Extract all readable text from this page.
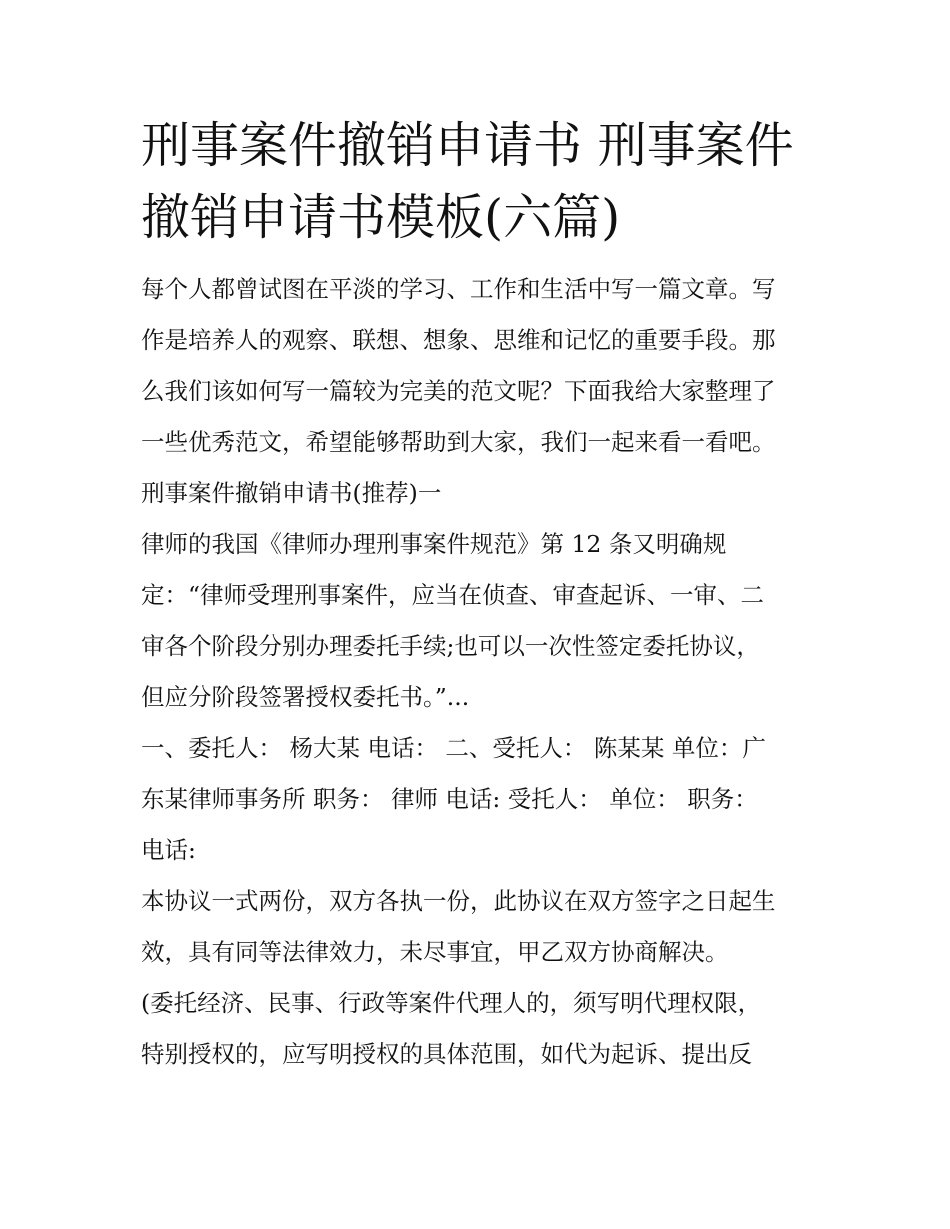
刑事案件撤销申请书 刑事案件
撤销申请书模板(六篇)
每个人都曾试图在平淡的学习、工作和生活中写一篇文章。写
作是培养人的观察、联想、想象、思维和记忆的重要手段。那
么我们该如何写一篇较为完美的范文呢？下面我给大家整理了
一些优秀范文，希望能够帮助到大家，我们一起来看一看吧。
刑事案件撤销申请书(推荐)一
律师的我国《律师办理刑事案件规范》第 12 条又明确规
定：“律师受理刑事案件，应当在侦查、审查起诉、一审、二
审各个阶段分别办理委托手续;也可以一次性签定委托协议，
但应分阶段签署授权委托书。”...
一、委托人： 杨大某 电话： 二、受托人： 陈某某 单位：广
东某律师事务所 职务： 律师 电话: 受托人： 单位： 职务：
电话:
本协议一式两份，双方各执一份，此协议在双方签字之日起生
效，具有同等法律效力，未尽事宜，甲乙双方协商解决。
(委托经济、民事、行政等案件代理人的，须写明代理权限，
特别授权的，应写明授权的具体范围，如代为起诉、提出反
